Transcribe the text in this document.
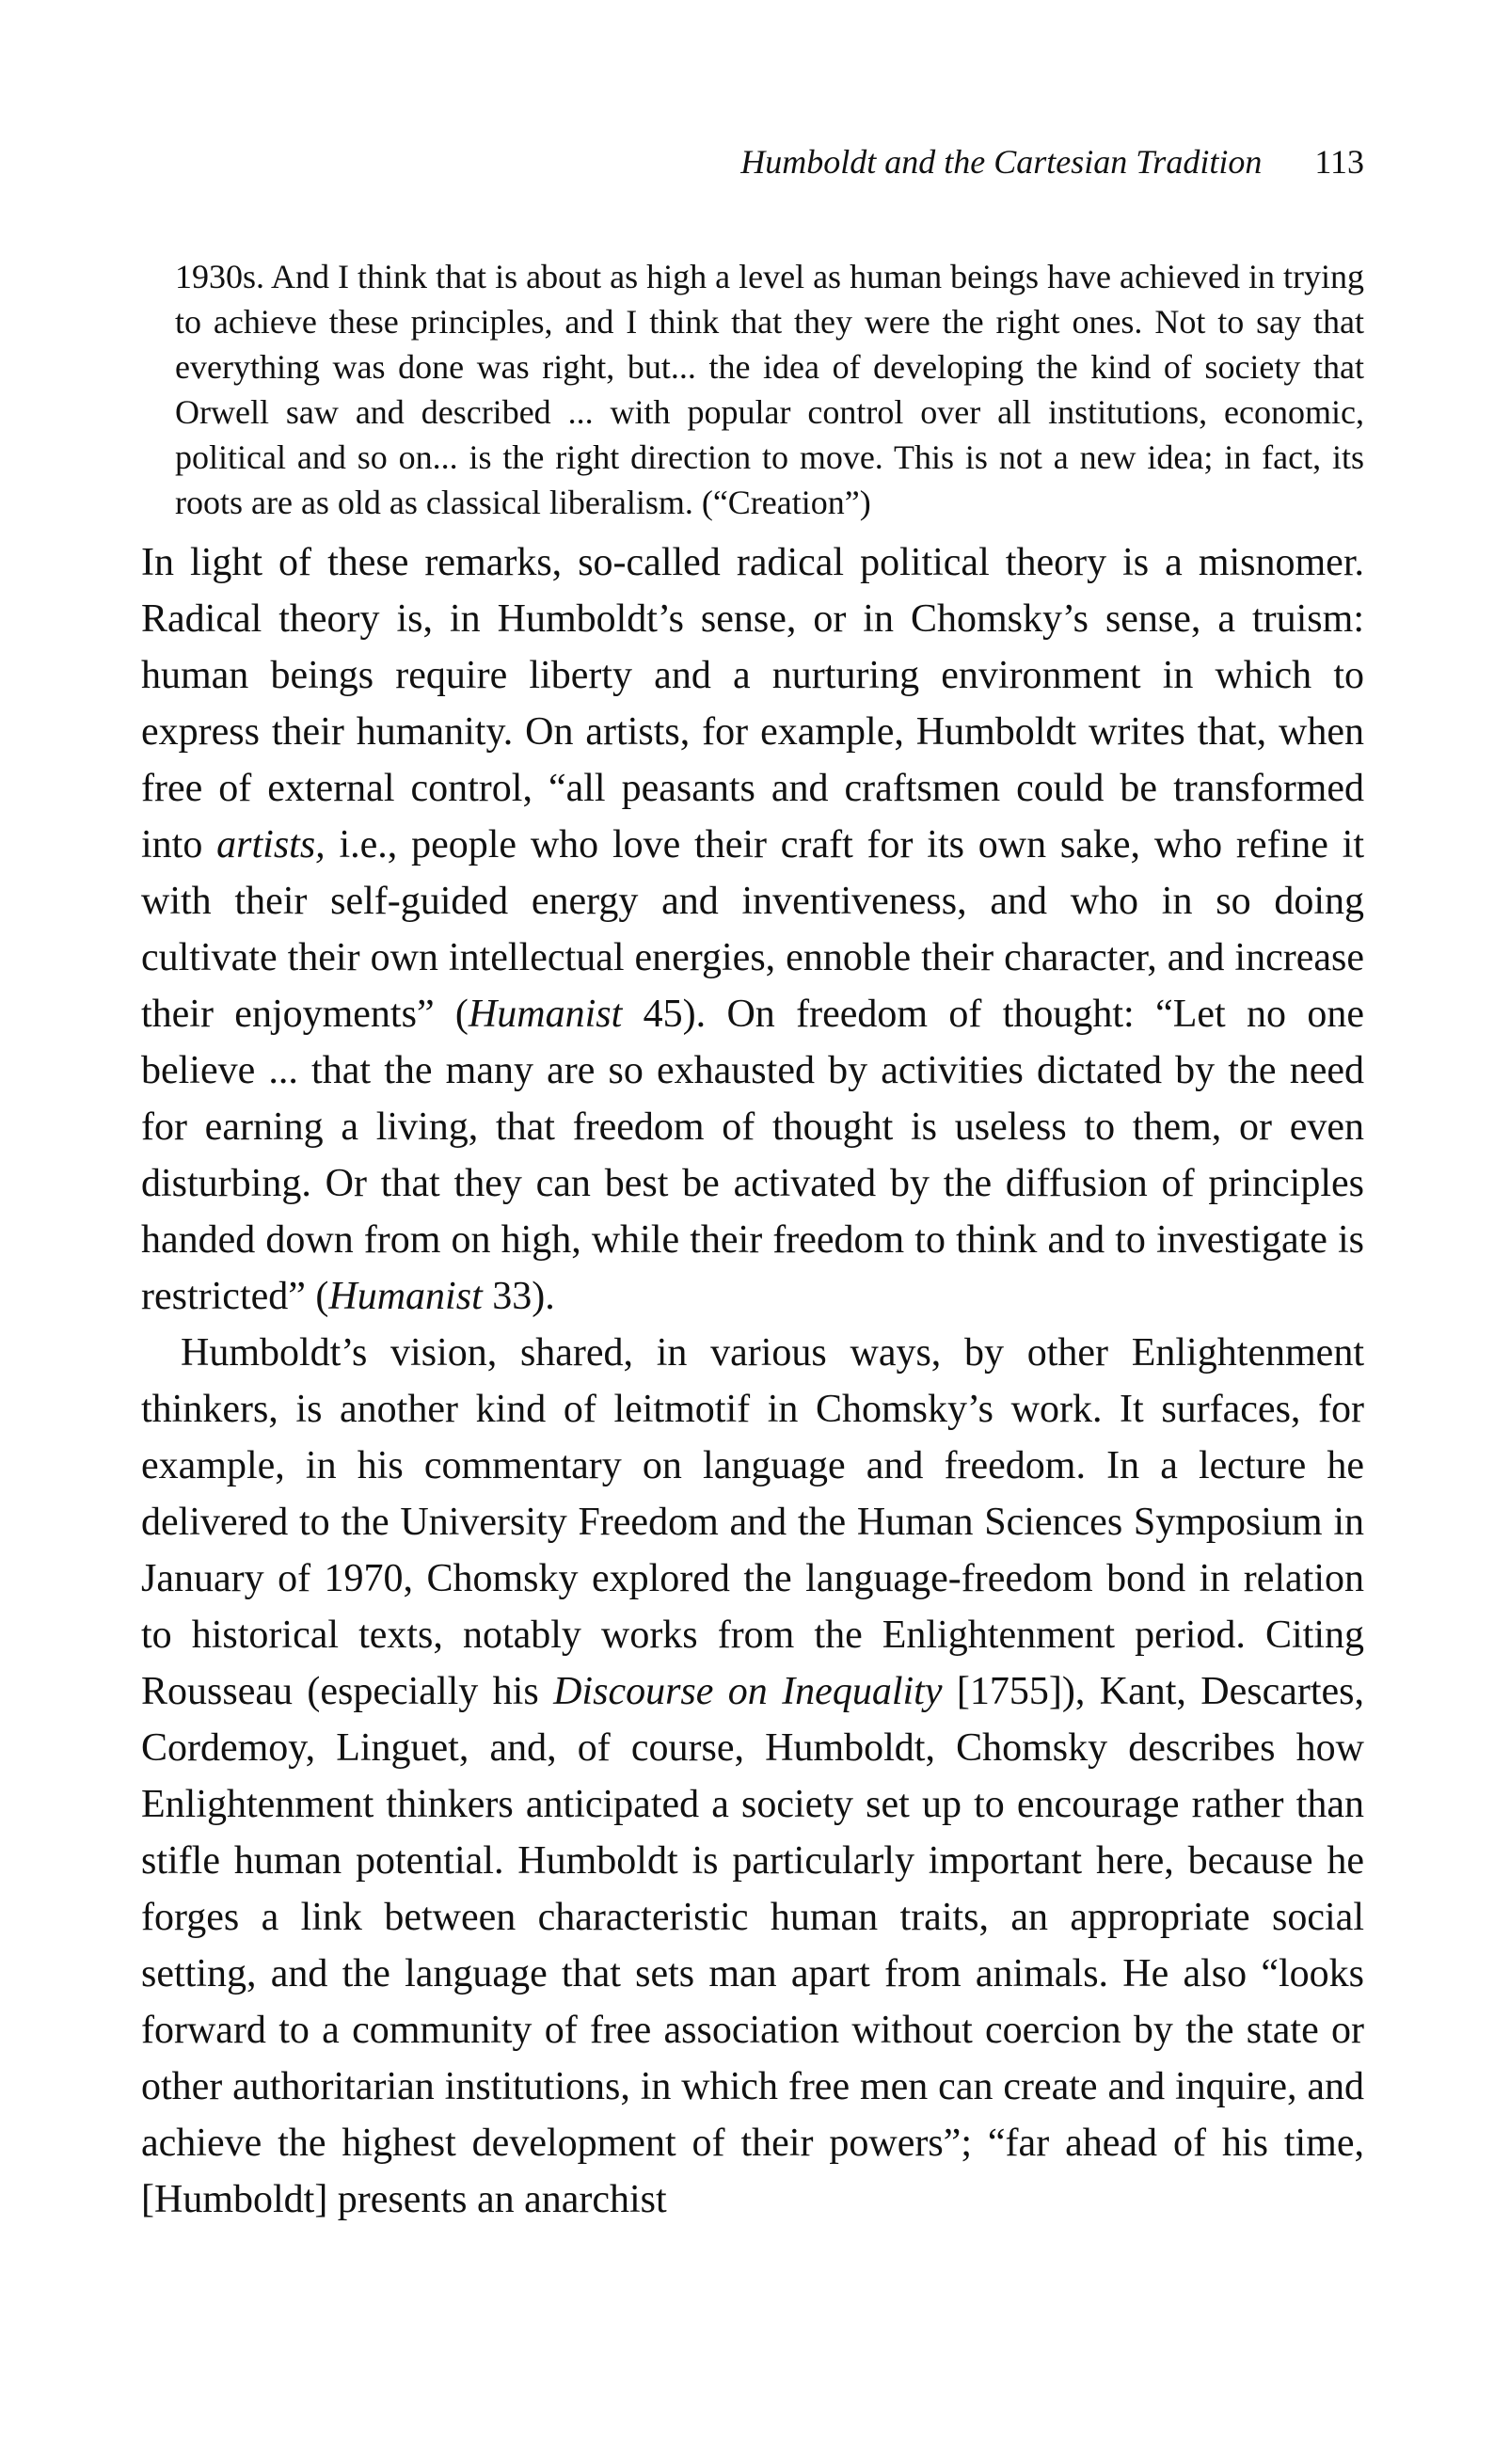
Humboldt and the Cartesian Tradition 113
1930s. And I think that is about as high a level as human beings have achieved in trying to achieve these principles, and I think that they were the right ones. Not to say that everything was done was right, but... the idea of developing the kind of society that Orwell saw and described ... with popular control over all institutions, economic, political and so on... is the right direction to move. This is not a new idea; in fact, its roots are as old as classical liberalism. (“Creation”)

In light of these remarks, so-called radical political theory is a misnomer. Radical theory is, in Humboldt’s sense, or in Chomsky’s sense, a truism: human beings require liberty and a nurturing environment in which to express their humanity. On artists, for example, Humboldt writes that, when free of external control, “all peasants and craftsmen could be transformed into artists, i.e., people who love their craft for its own sake, who refine it with their self-guided energy and inventiveness, and who in so doing cultivate their own intellectual energies, ennoble their character, and increase their enjoyments” (Humanist 45). On freedom of thought: “Let no one believe ... that the many are so exhausted by activities dictated by the need for earning a living, that freedom of thought is useless to them, or even disturbing. Or that they can best be activated by the diffusion of principles handed down from on high, while their freedom to think and to investigate is restricted” (Humanist 33).

Humboldt’s vision, shared, in various ways, by other Enlightenment thinkers, is another kind of leitmotif in Chomsky’s work. It surfaces, for example, in his commentary on language and freedom. In a lecture he delivered to the University Freedom and the Human Sciences Symposium in January of 1970, Chomsky explored the language-freedom bond in relation to historical texts, notably works from the Enlightenment period. Citing Rousseau (especially his Discourse on Inequality [1755]), Kant, Descartes, Cordemoy, Linguet, and, of course, Humboldt, Chomsky describes how Enlightenment thinkers anticipated a society set up to encourage rather than stifle human potential. Humboldt is particularly important here, because he forges a link between characteristic human traits, an appropriate social setting, and the language that sets man apart from animals. He also “looks forward to a community of free association without coercion by the state or other authoritarian institutions, in which free men can create and inquire, and achieve the highest development of their powers”; “far ahead of his time, [Humboldt] presents an anarchist
